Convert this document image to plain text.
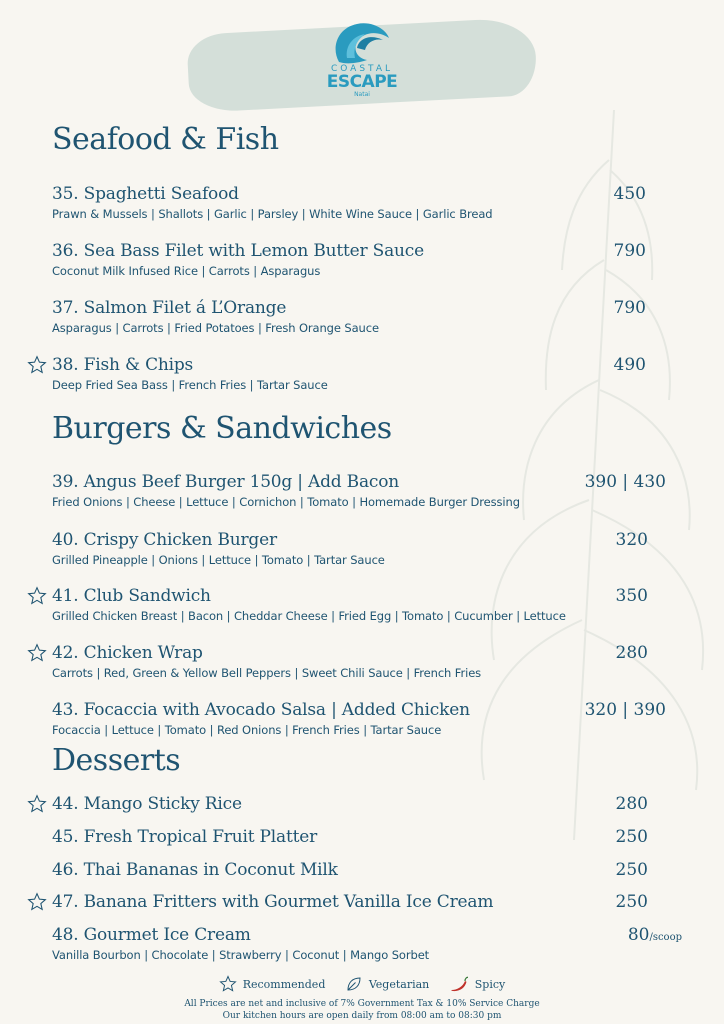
COASTAL
ESCAPE
Natai
Seafood & Fish
Burgers & Sandwiches
Desserts
35. Spaghetti Seafood
Prawn & Mussels | Shallots | Garlic | Parsley | White Wine Sauce | Garlic Bread
450
36. Sea Bass Filet with Lemon Butter Sauce
Coconut Milk Infused Rice | Carrots | Asparagus
790
37. Salmon Filet á L’Orange
Asparagus | Carrots | Fried Potatoes | Fresh Orange Sauce
790
38. Fish & Chips
Deep Fried Sea Bass | French Fries | Tartar Sauce
490
39. Angus Beef Burger 150g | Add Bacon
Fried Onions | Cheese | Lettuce | Cornichon | Tomato | Homemade Burger Dressing
390 | 430
40. Crispy Chicken Burger
Grilled Pineapple | Onions | Lettuce | Tomato | Tartar Sauce
320
41. Club Sandwich
Grilled Chicken Breast | Bacon | Cheddar Cheese | Fried Egg | Tomato | Cucumber | Lettuce
350
42. Chicken Wrap
Carrots | Red, Green & Yellow Bell Peppers | Sweet Chili Sauce | French Fries
280
43. Focaccia with Avocado Salsa | Added Chicken
Focaccia | Lettuce | Tomato | Red Onions | French Fries | Tartar Sauce
320 | 390
44. Mango Sticky Rice	280
45. Fresh Tropical Fruit Platter	250
46. Thai Bananas in Coconut Milk	250
47. Banana Fritters with Gourmet Vanilla Ice Cream	250
48. Gourmet Ice Cream
Vanilla Bourbon | Chocolate | Strawberry | Coconut | Mango Sorbet
80/scoop
Recommended
	Vegetarian
	Spicy
All Prices are net and inclusive of 7% Government Tax & 10% Service Charge
Our kitchen hours are open daily from 08:00 am to 08:30 pm
